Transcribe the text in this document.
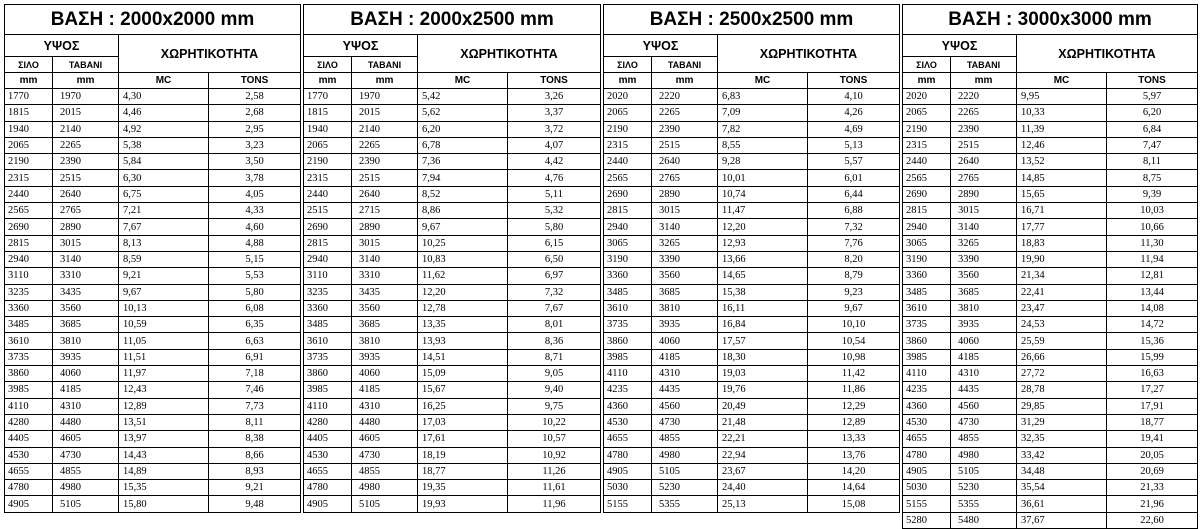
ΒΑΣΗ : 2000x2000 mm			
ΥΨΟΣ		ΧΩΡΗΤΙΚΟΤΗΤΑ	
ΣΙΛΟ	ΤΑΒΑΝΙ		
mm	mm	MC	TONS
1770	1970	4,30	2,58
1815	2015	4,46	2,68
1940	2140	4,92	2,95
2065	2265	5,38	3,23
2190	2390	5,84	3,50
2315	2515	6,30	3,78
2440	2640	6,75	4,05
2565	2765	7,21	4,33
2690	2890	7,67	4,60
2815	3015	8,13	4,88
2940	3140	8,59	5,15
3110	3310	9,21	5,53
3235	3435	9,67	5,80
3360	3560	10,13	6,08
3485	3685	10,59	6,35
3610	3810	11,05	6,63
3735	3935	11,51	6,91
3860	4060	11,97	7,18
3985	4185	12,43	7,46
4110	4310	12,89	7,73
4280	4480	13,51	8,11
4405	4605	13,97	8,38
4530	4730	14,43	8,66
4655	4855	14,89	8,93
4780	4980	15,35	9,21
4905	5105	15,80	9,48
ΒΑΣΗ : 2000x2500 mm			
ΥΨΟΣ		ΧΩΡΗΤΙΚΟΤΗΤΑ	
ΣΙΛΟ	ΤΑΒΑΝΙ		
mm	mm	MC	TONS
1770	1970	5,42	3,26
1815	2015	5,62	3,37
1940	2140	6,20	3,72
2065	2265	6,78	4,07
2190	2390	7,36	4,42
2315	2515	7,94	4,76
2440	2640	8,52	5,11
2515	2715	8,86	5,32
2690	2890	9,67	5,80
2815	3015	10,25	6,15
2940	3140	10,83	6,50
3110	3310	11,62	6,97
3235	3435	12,20	7,32
3360	3560	12,78	7,67
3485	3685	13,35	8,01
3610	3810	13,93	8,36
3735	3935	14,51	8,71
3860	4060	15,09	9,05
3985	4185	15,67	9,40
4110	4310	16,25	9,75
4280	4480	17,03	10,22
4405	4605	17,61	10,57
4530	4730	18,19	10,92
4655	4855	18,77	11,26
4780	4980	19,35	11,61
4905	5105	19,93	11,96
ΒΑΣΗ : 2500x2500 mm			
ΥΨΟΣ		ΧΩΡΗΤΙΚΟΤΗΤΑ	
ΣΙΛΟ	ΤΑΒΑΝΙ		
mm	mm	MC	TONS
2020	2220	6,83	4,10
2065	2265	7,09	4,26
2190	2390	7,82	4,69
2315	2515	8,55	5,13
2440	2640	9,28	5,57
2565	2765	10,01	6,01
2690	2890	10,74	6,44
2815	3015	11,47	6,88
2940	3140	12,20	7,32
3065	3265	12,93	7,76
3190	3390	13,66	8,20
3360	3560	14,65	8,79
3485	3685	15,38	9,23
3610	3810	16,11	9,67
3735	3935	16,84	10,10
3860	4060	17,57	10,54
3985	4185	18,30	10,98
4110	4310	19,03	11,42
4235	4435	19,76	11,86
4360	4560	20,49	12,29
4530	4730	21,48	12,89
4655	4855	22,21	13,33
4780	4980	22,94	13,76
4905	5105	23,67	14,20
5030	5230	24,40	14,64
5155	5355	25,13	15,08
ΒΑΣΗ : 3000x3000 mm			
ΥΨΟΣ		ΧΩΡΗΤΙΚΟΤΗΤΑ	
ΣΙΛΟ	ΤΑΒΑΝΙ		
mm	mm	MC	TONS
2020	2220	9,95	5,97
2065	2265	10,33	6,20
2190	2390	11,39	6,84
2315	2515	12,46	7,47
2440	2640	13,52	8,11
2565	2765	14,85	8,75
2690	2890	15,65	9,39
2815	3015	16,71	10,03
2940	3140	17,77	10,66
3065	3265	18,83	11,30
3190	3390	19,90	11,94
3360	3560	21,34	12,81
3485	3685	22,41	13,44
3610	3810	23,47	14,08
3735	3935	24,53	14,72
3860	4060	25,59	15,36
3985	4185	26,66	15,99
4110	4310	27,72	16,63
4235	4435	28,78	17,27
4360	4560	29,85	17,91
4530	4730	31,29	18,77
4655	4855	32,35	19,41
4780	4980	33,42	20,05
4905	5105	34,48	20,69
5030	5230	35,54	21,33
5155	5355	36,61	21,96
5280	5480	37,67	22,60
